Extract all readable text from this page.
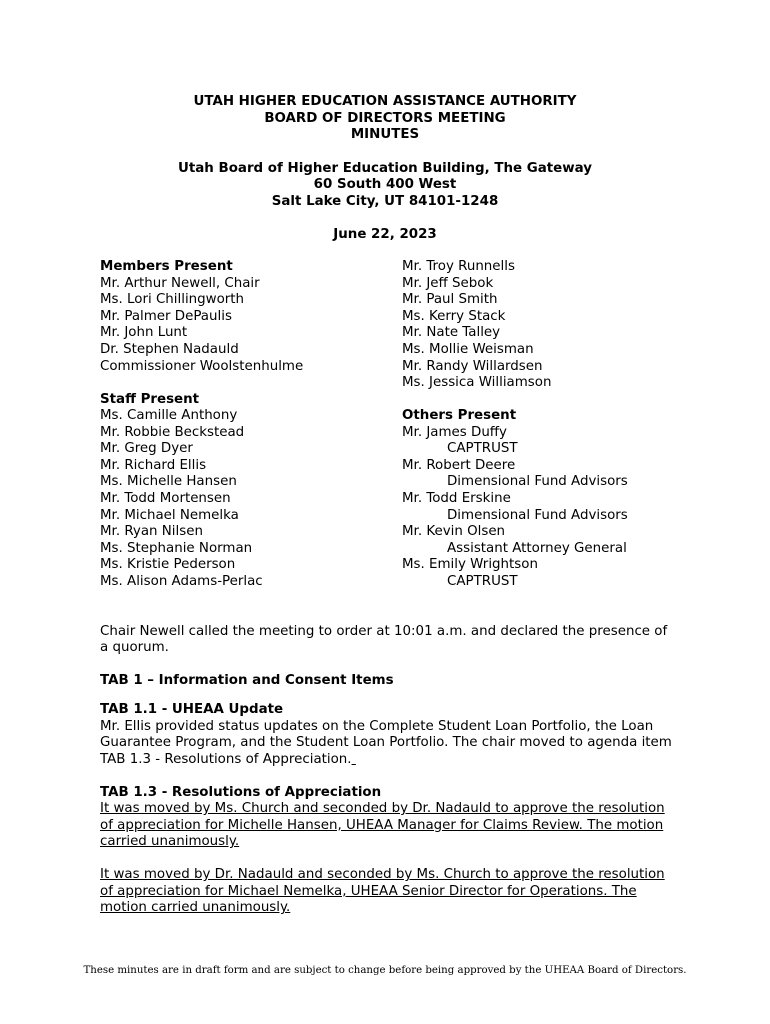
UTAH HIGHER EDUCATION ASSISTANCE AUTHORITY
BOARD OF DIRECTORS MEETING
MINUTES
Utah Board of Higher Education Building, The Gateway
60 South 400 West
Salt Lake City, UT 84101-1248
June 22, 2023
Members Present
Mr. Arthur Newell, Chair
Ms. Lori Chillingworth
Mr. Palmer DePaulis
Mr. John Lunt
Dr. Stephen Nadauld
Commissioner Woolstenhulme
Mr. Troy Runnells
Mr. Jeff Sebok
Mr. Paul Smith
Ms. Kerry Stack
Mr. Nate Talley
Ms. Mollie Weisman
Mr. Randy Willardsen
Ms. Jessica Williamson
Staff Present
Ms. Camille Anthony
Mr. Robbie Beckstead
Mr. Greg Dyer
Mr. Richard Ellis
Ms. Michelle Hansen
Mr. Todd Mortensen
Mr. Michael Nemelka
Mr. Ryan Nilsen
Ms. Stephanie Norman
Ms. Kristie Pederson
Ms. Alison Adams-Perlac
Others Present
Mr. James Duffy
CAPTRUST
Mr. Robert Deere
Dimensional Fund Advisors
Mr. Todd Erskine
Dimensional Fund Advisors
Mr. Kevin Olsen
Assistant Attorney General
Ms. Emily Wrightson
CAPTRUST
Chair Newell called the meeting to order at 10:01 a.m. and declared the presence of a quorum.
TAB 1 – Information and Consent Items
TAB 1.1 - UHEAA Update
Mr. Ellis provided status updates on the Complete Student Loan Portfolio, the Loan Guarantee Program, and the Student Loan Portfolio. The chair moved to agenda item TAB 1.3 - Resolutions of Appreciation.
TAB 1.3 - Resolutions of Appreciation
It was moved by Ms. Church and seconded by Dr. Nadauld to approve the resolution of appreciation for Michelle Hansen, UHEAA Manager for Claims Review. The motion carried unanimously.
It was moved by Dr. Nadauld and seconded by Ms. Church to approve the resolution of appreciation for Michael Nemelka, UHEAA Senior Director for Operations. The motion carried unanimously.
These minutes are in draft form and are subject to change before being approved by the UHEAA Board of Directors.
